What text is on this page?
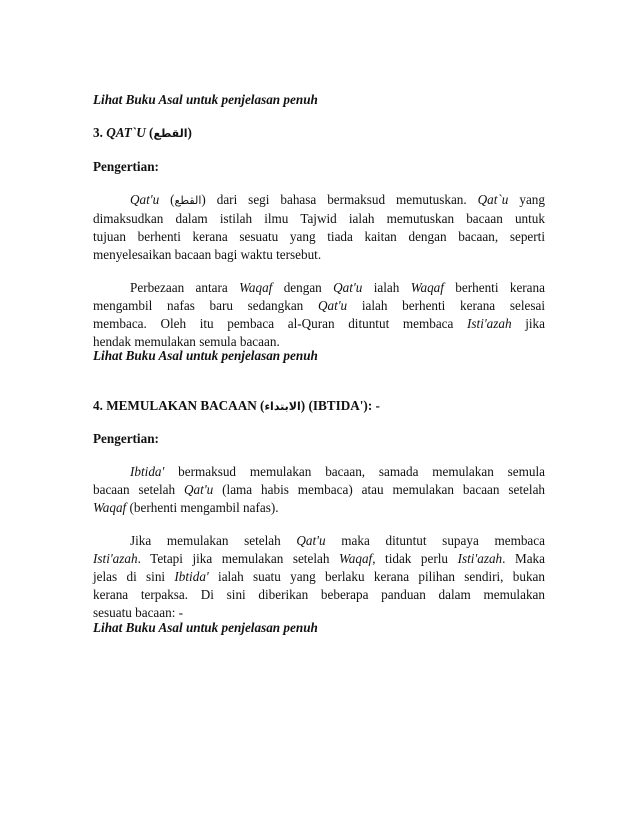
Lihat Buku Asal untuk penjelasan penuh
3. QAT`U (القطع)
Pengertian:
Qat'u (القطع) dari segi bahasa bermaksud memutuskan. Qat`u yang
dimaksudkan dalam istilah ilmu Tajwid ialah memutuskan bacaan untuk
tujuan berhenti kerana sesuatu yang tiada kaitan dengan bacaan, seperti
menyelesaikan bacaan bagi waktu tersebut.
Perbezaan antara Waqaf dengan Qat'u ialah Waqaf berhenti kerana
mengambil nafas baru sedangkan Qat'u ialah berhenti kerana selesai
membaca. Oleh itu pembaca al-Quran dituntut membaca Isti'azah jika
hendak memulakan semula bacaan.
Lihat Buku Asal untuk penjelasan penuh
4. MEMULAKAN BACAAN (الابتداء) (IBTIDA'): -
Pengertian:
Ibtida' bermaksud memulakan bacaan, samada memulakan semula
bacaan setelah Qat'u (lama habis membaca) atau memulakan bacaan setelah
Waqaf (berhenti mengambil nafas).
Jika memulakan setelah Qat'u maka dituntut supaya membaca
Isti'azah. Tetapi jika memulakan setelah Waqaf, tidak perlu Isti'azah. Maka
jelas di sini Ibtida' ialah suatu yang berlaku kerana pilihan sendiri, bukan
kerana terpaksa. Di sini diberikan beberapa panduan dalam memulakan
sesuatu bacaan: -
Lihat Buku Asal untuk penjelasan penuh
